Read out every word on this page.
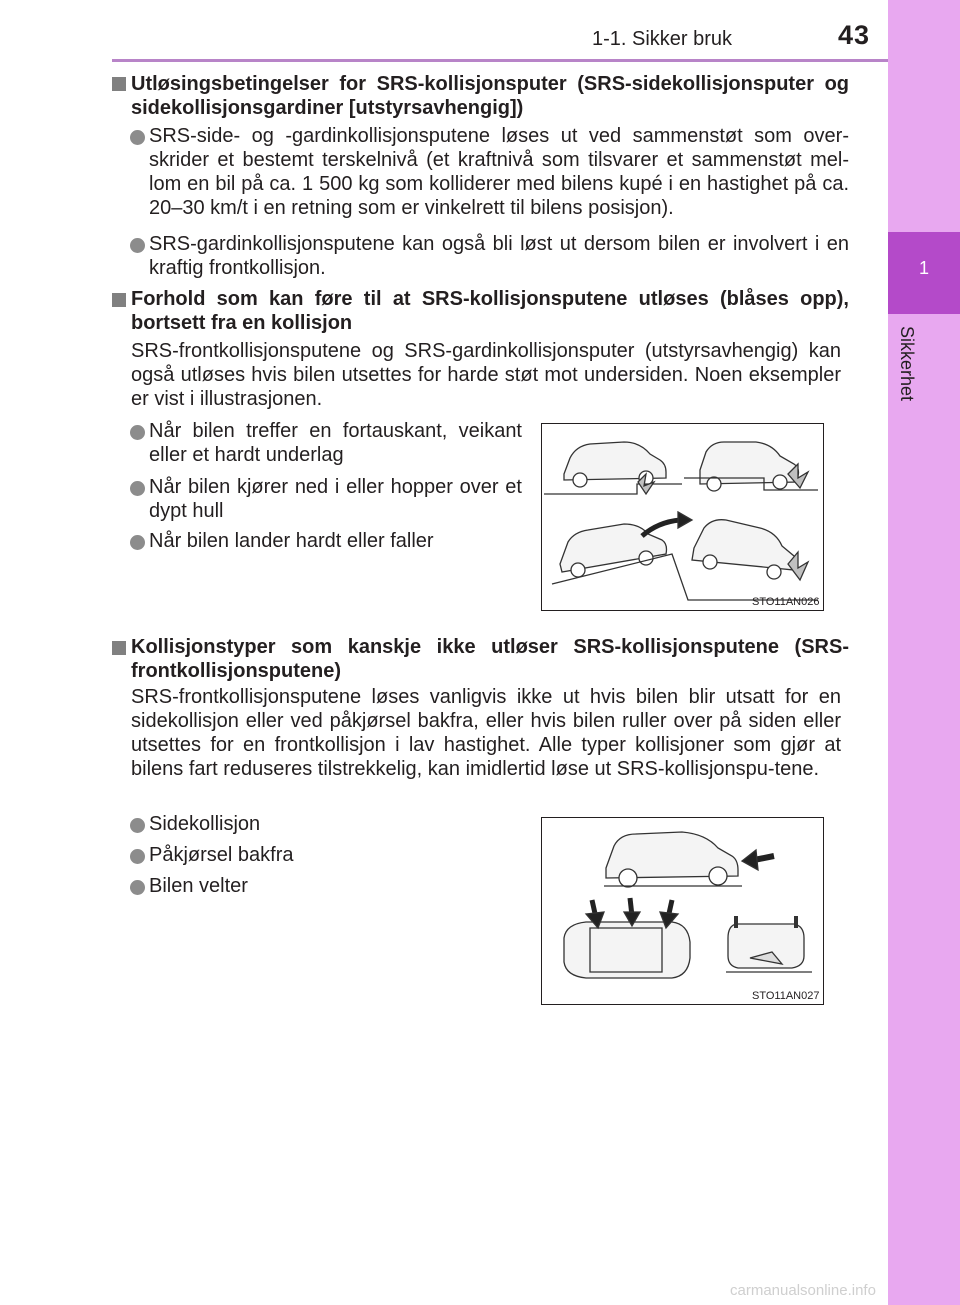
1
Sikkerhet
1-1. Sikker bruk	43
Utløsingsbetingelser for SRS-kollisjonsputer (SRS-sidekollisjonsputer og sidekollisjonsgardiner [utstyrsavhengig])
SRS-side- og -gardinkollisjonsputene løses ut ved sammenstøt som over-skrider et bestemt terskelnivå (et kraftnivå som tilsvarer et sammenstøt mel-lom en bil på ca. 1 500 kg som kolliderer med bilens kupé i en hastighet på ca. 20–30 km/t i en retning som er vinkelrett til bilens posisjon).
SRS-gardinkollisjonsputene kan også bli løst ut dersom bilen er involvert i en kraftig frontkollisjon.
Forhold som kan føre til at SRS-kollisjonsputene utløses (blåses opp), bortsett fra en kollisjon
SRS-frontkollisjonsputene og SRS-gardinkollisjonsputer (utstyrsavhengig) kan også utløses hvis bilen utsettes for harde støt mot undersiden. Noen eksempler er vist i illustrasjonen.
Når bilen treffer en fortauskant, veikant eller et hardt underlag
Når bilen kjører ned i eller hopper over et dypt hull
Når bilen lander hardt eller faller
STO11AN026
Kollisjonstyper som kanskje ikke utløser SRS-kollisjonsputene (SRS-frontkollisjonsputene)
SRS-frontkollisjonsputene løses vanligvis ikke ut hvis bilen blir utsatt for en sidekollisjon eller ved påkjørsel bakfra, eller hvis bilen ruller over på siden eller utsettes for en frontkollisjon i lav hastighet. Alle typer kollisjoner som gjør at bilens fart reduseres tilstrekkelig, kan imidlertid løse ut SRS-kollisjonspu-tene.
Sidekollisjon
Påkjørsel bakfra
Bilen velter
STO11AN027
carmanualsonline.info
